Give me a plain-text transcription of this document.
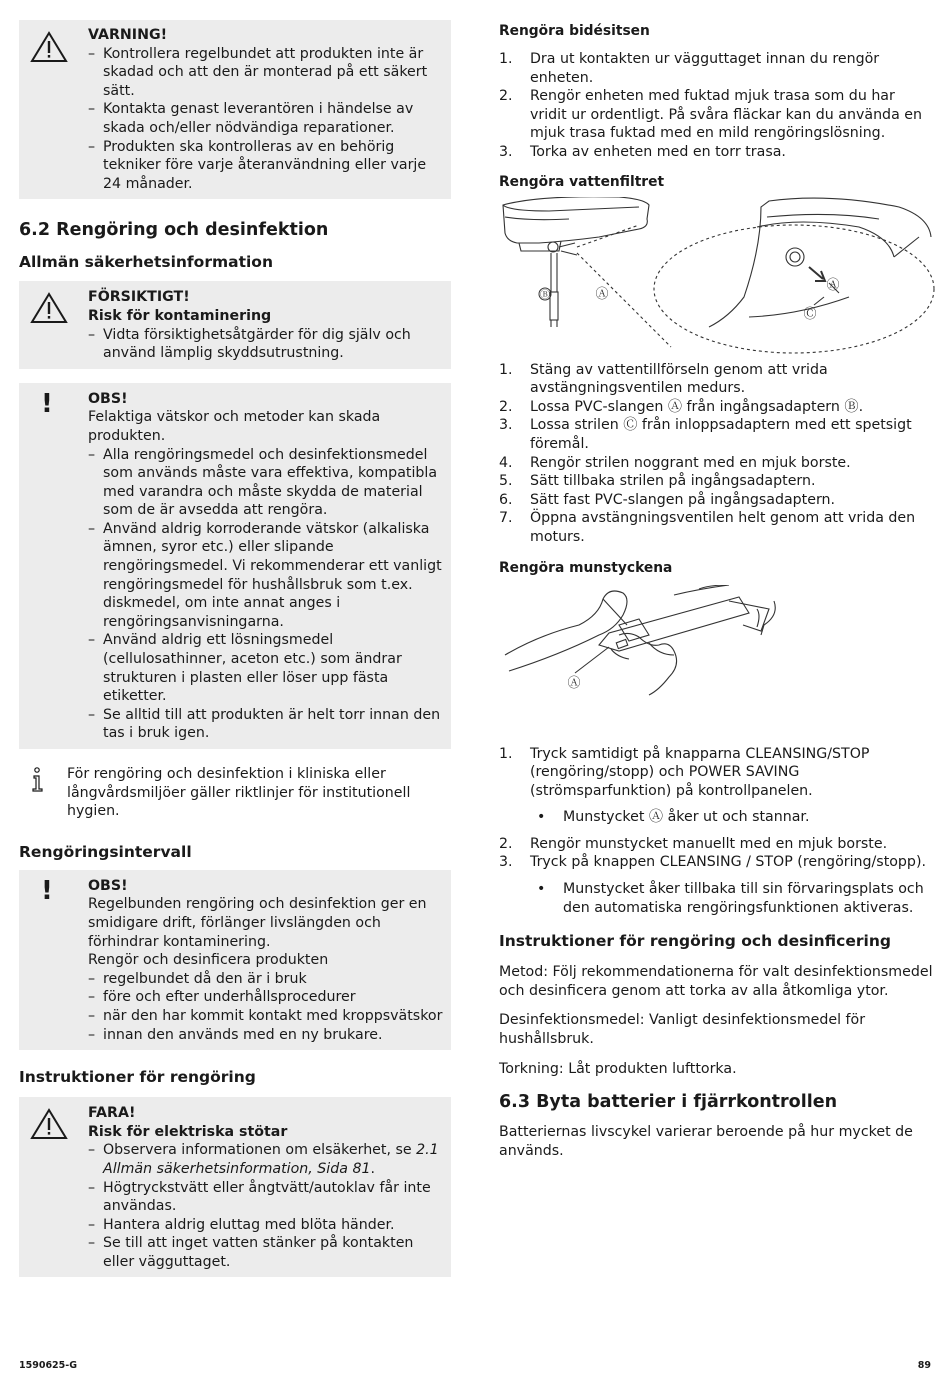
VARNING!
– Kontrollera regelbundet att produkten inte är skadad och att den är monterad på ett säkert sätt.
– Kontakta genast leverantören i händelse av skada och/eller nödvändiga reparationer.
– Produkten ska kontrolleras av en behörig tekniker före varje återanvändning eller varje 24 månader.
6.2 Rengöring och desinfektion
Allmän säkerhetsinformation
FÖRSIKTIGT!
Risk för kontaminering
– Vidta försiktighetsåtgärder för dig själv och använd lämplig skyddsutrustning.
! OBS!

Felaktiga vätskor och metoder kan skada produkten.

– Alla rengöringsmedel och desinfektionsmedel som används måste vara effektiva, kompatibla med varandra och måste skydda de material som de är avsedda att rengöra.
– Använd aldrig korroderande vätskor (alkaliska ämnen, syror etc.) eller slipande rengöringsmedel. Vi rekommenderar ett vanligt rengöringsmedel för hushållsbruk som t.ex. diskmedel, om inte annat anges i rengöringsanvisningarna.
– Använd aldrig ett lösningsmedel (cellulosathinner, aceton etc.) som ändrar strukturen i plasten eller löser upp fästa etiketter.
– Se alltid till att produkten är helt torr innan den tas i bruk igen.

För rengöring och desinfektion i kliniska eller långvårdsmiljöer gäller riktlinjer för institutionell hygien.

Rengöringsintervall
! OBS!

Regelbunden rengöring och desinfektion ger en smidigare drift, förlänger livslängden och förhindrar kontaminering.

Rengör och desinficera produkten

– regelbundet då den är i bruk
– före och efter underhållsprocedurer
– när den har kommit kontakt med kroppsvätskor
– innan den används med en ny brukare.
Instruktioner för rengöring
FARA!
Risk för elektriska stötar
– Observera informationen om elsäkerhet, se 2.1 Allmän säkerhetsinformation, Sida 81.
– Högtryckstvätt eller ångtvätt/autoklav får inte användas.
– Hantera aldrig eluttag med blöta händer.
– Se till att inget vatten stänker på kontakten eller vägguttaget.
Rengöra bidésitsen
1. Dra ut kontakten ur vägguttaget innan du rengör enheten.
2. Rengör enheten med fuktad mjuk trasa som du har vridit ur ordentligt. På svåra fläckar kan du använda en mjuk trasa fuktad med en mild rengöringslösning.
3. Torka av enheten med en torr trasa.
Rengöra vattenfiltret
Ⓑ	Ⓐ
Ⓐ
Ⓒ
1. Stäng av vattentillförseln genom att vrida avstängningsventilen medurs.
2. Lossa PVC-slangen Ⓐ från ingångsadaptern Ⓑ.
3. Lossa strilen Ⓒ från inloppsadaptern med ett spetsigt föremål.
4. Rengör strilen noggrant med en mjuk borste.
5. Sätt tillbaka strilen på ingångsadaptern.
6. Sätt fast PVC-slangen på ingångsadaptern.
7. Öppna avstängningsventilen helt genom att vrida den moturs.
Rengöra munstyckena
Ⓐ
1. Tryck samtidigt på knapparna CLEANSING/STOP (rengöring/stopp) och POWER SAVING (strömsparfunktion) på kontrollpanelen.

• Munstycket Ⓐ åker ut och stannar.

2. Rengör munstycket manuellt med en mjuk borste.
3. Tryck på knappen CLEANSING / STOP (rengöring/stopp).

• Munstycket åker tillbaka till sin förvaringsplats och den automatiska rengöringsfunktionen aktiveras.

Instruktioner för rengöring och desinficering

Metod: Följ rekommendationerna för valt desinfektionsmedel och desinficera genom att torka av alla åtkomliga ytor.

Desinfektionsmedel: Vanligt desinfektionsmedel för hushållsbruk.

Torkning: Låt produkten lufttorka.

6.3 Byta batterier i fjärrkontrollen

Batteriernas livscykel varierar beroende på hur mycket de används.

1590625-G	89
